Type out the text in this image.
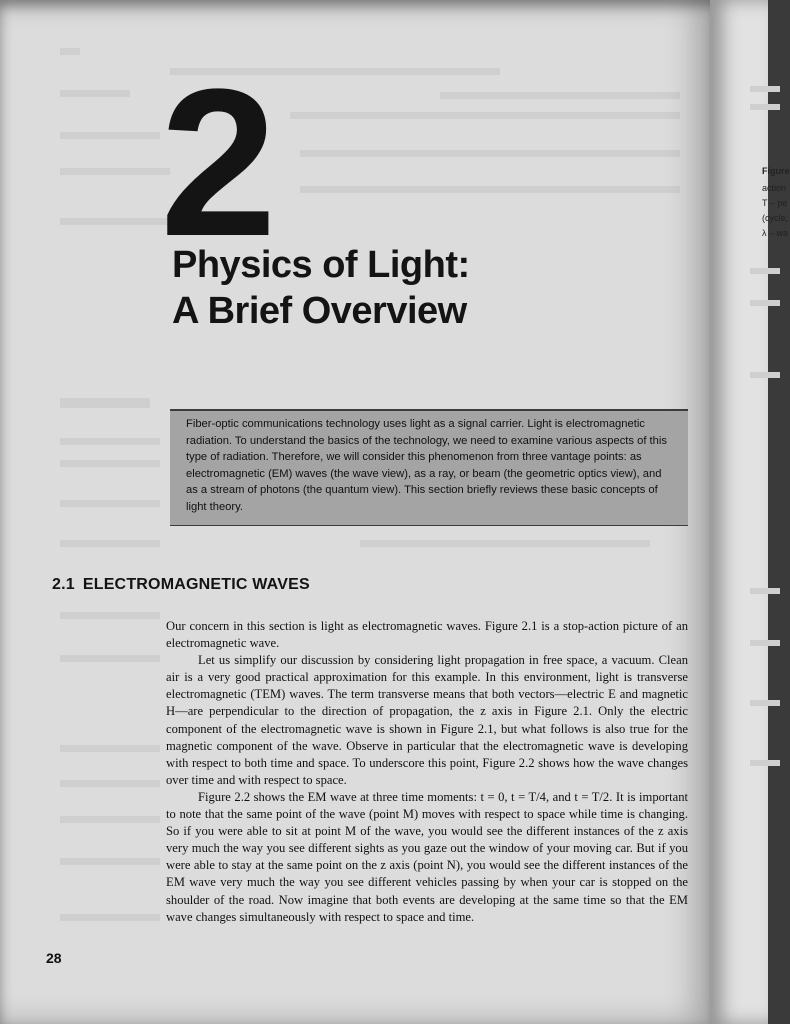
2
Physics of Light:
A Brief Overview

Fiber-optic communications technology uses light as a signal carrier. Light is electromagnetic radiation. To understand the basics of the technology, we need to examine various aspects of this type of radiation. Therefore, we will consider this phenomenon from three vantage points: as electromagnetic (EM) waves (the wave view), as a ray, or beam (the geometric optics view), and as a stream of photons (the quantum view). This section briefly reviews these basic concepts of light theory.

2.1 ELECTROMAGNETIC WAVES

Our concern in this section is light as electromagnetic waves. Figure 2.1 is a stop-action picture of an electromagnetic wave.

Let us simplify our discussion by considering light propagation in free space, a vacuum. Clean air is a very good practical approximation for this example. In this environment, light is transverse electromagnetic (TEM) waves. The term transverse means that both vectors—electric E and magnetic H—are perpendicular to the direction of propagation, the z axis in Figure 2.1. Only the electric component of the electromagnetic wave is shown in Figure 2.1, but what follows is also true for the magnetic component of the wave. Observe in particular that the electromagnetic wave is developing with respect to both time and space. To underscore this point, Figure 2.2 shows how the wave changes over time and with respect to space.

Figure 2.2 shows the EM wave at three time moments: t = 0, t = T/4, and t = T/2. It is important to note that the same point of the wave (point M) moves with respect to space while time is changing. So if you were able to sit at point M of the wave, you would see the different instances of the z axis very much the way you see different sights as you gaze out the window of your moving car. But if you were able to stay at the same point on the z axis (point N), you would see the different instances of the EM wave very much the way you see different vehicles passing by when your car is stopped on the shoulder of the road. Now imagine that both events are developing at the same time so that the EM wave changes simultaneously with respect to space and time.

28
Figure
action
T – pe
(cycle,
λ – wa
